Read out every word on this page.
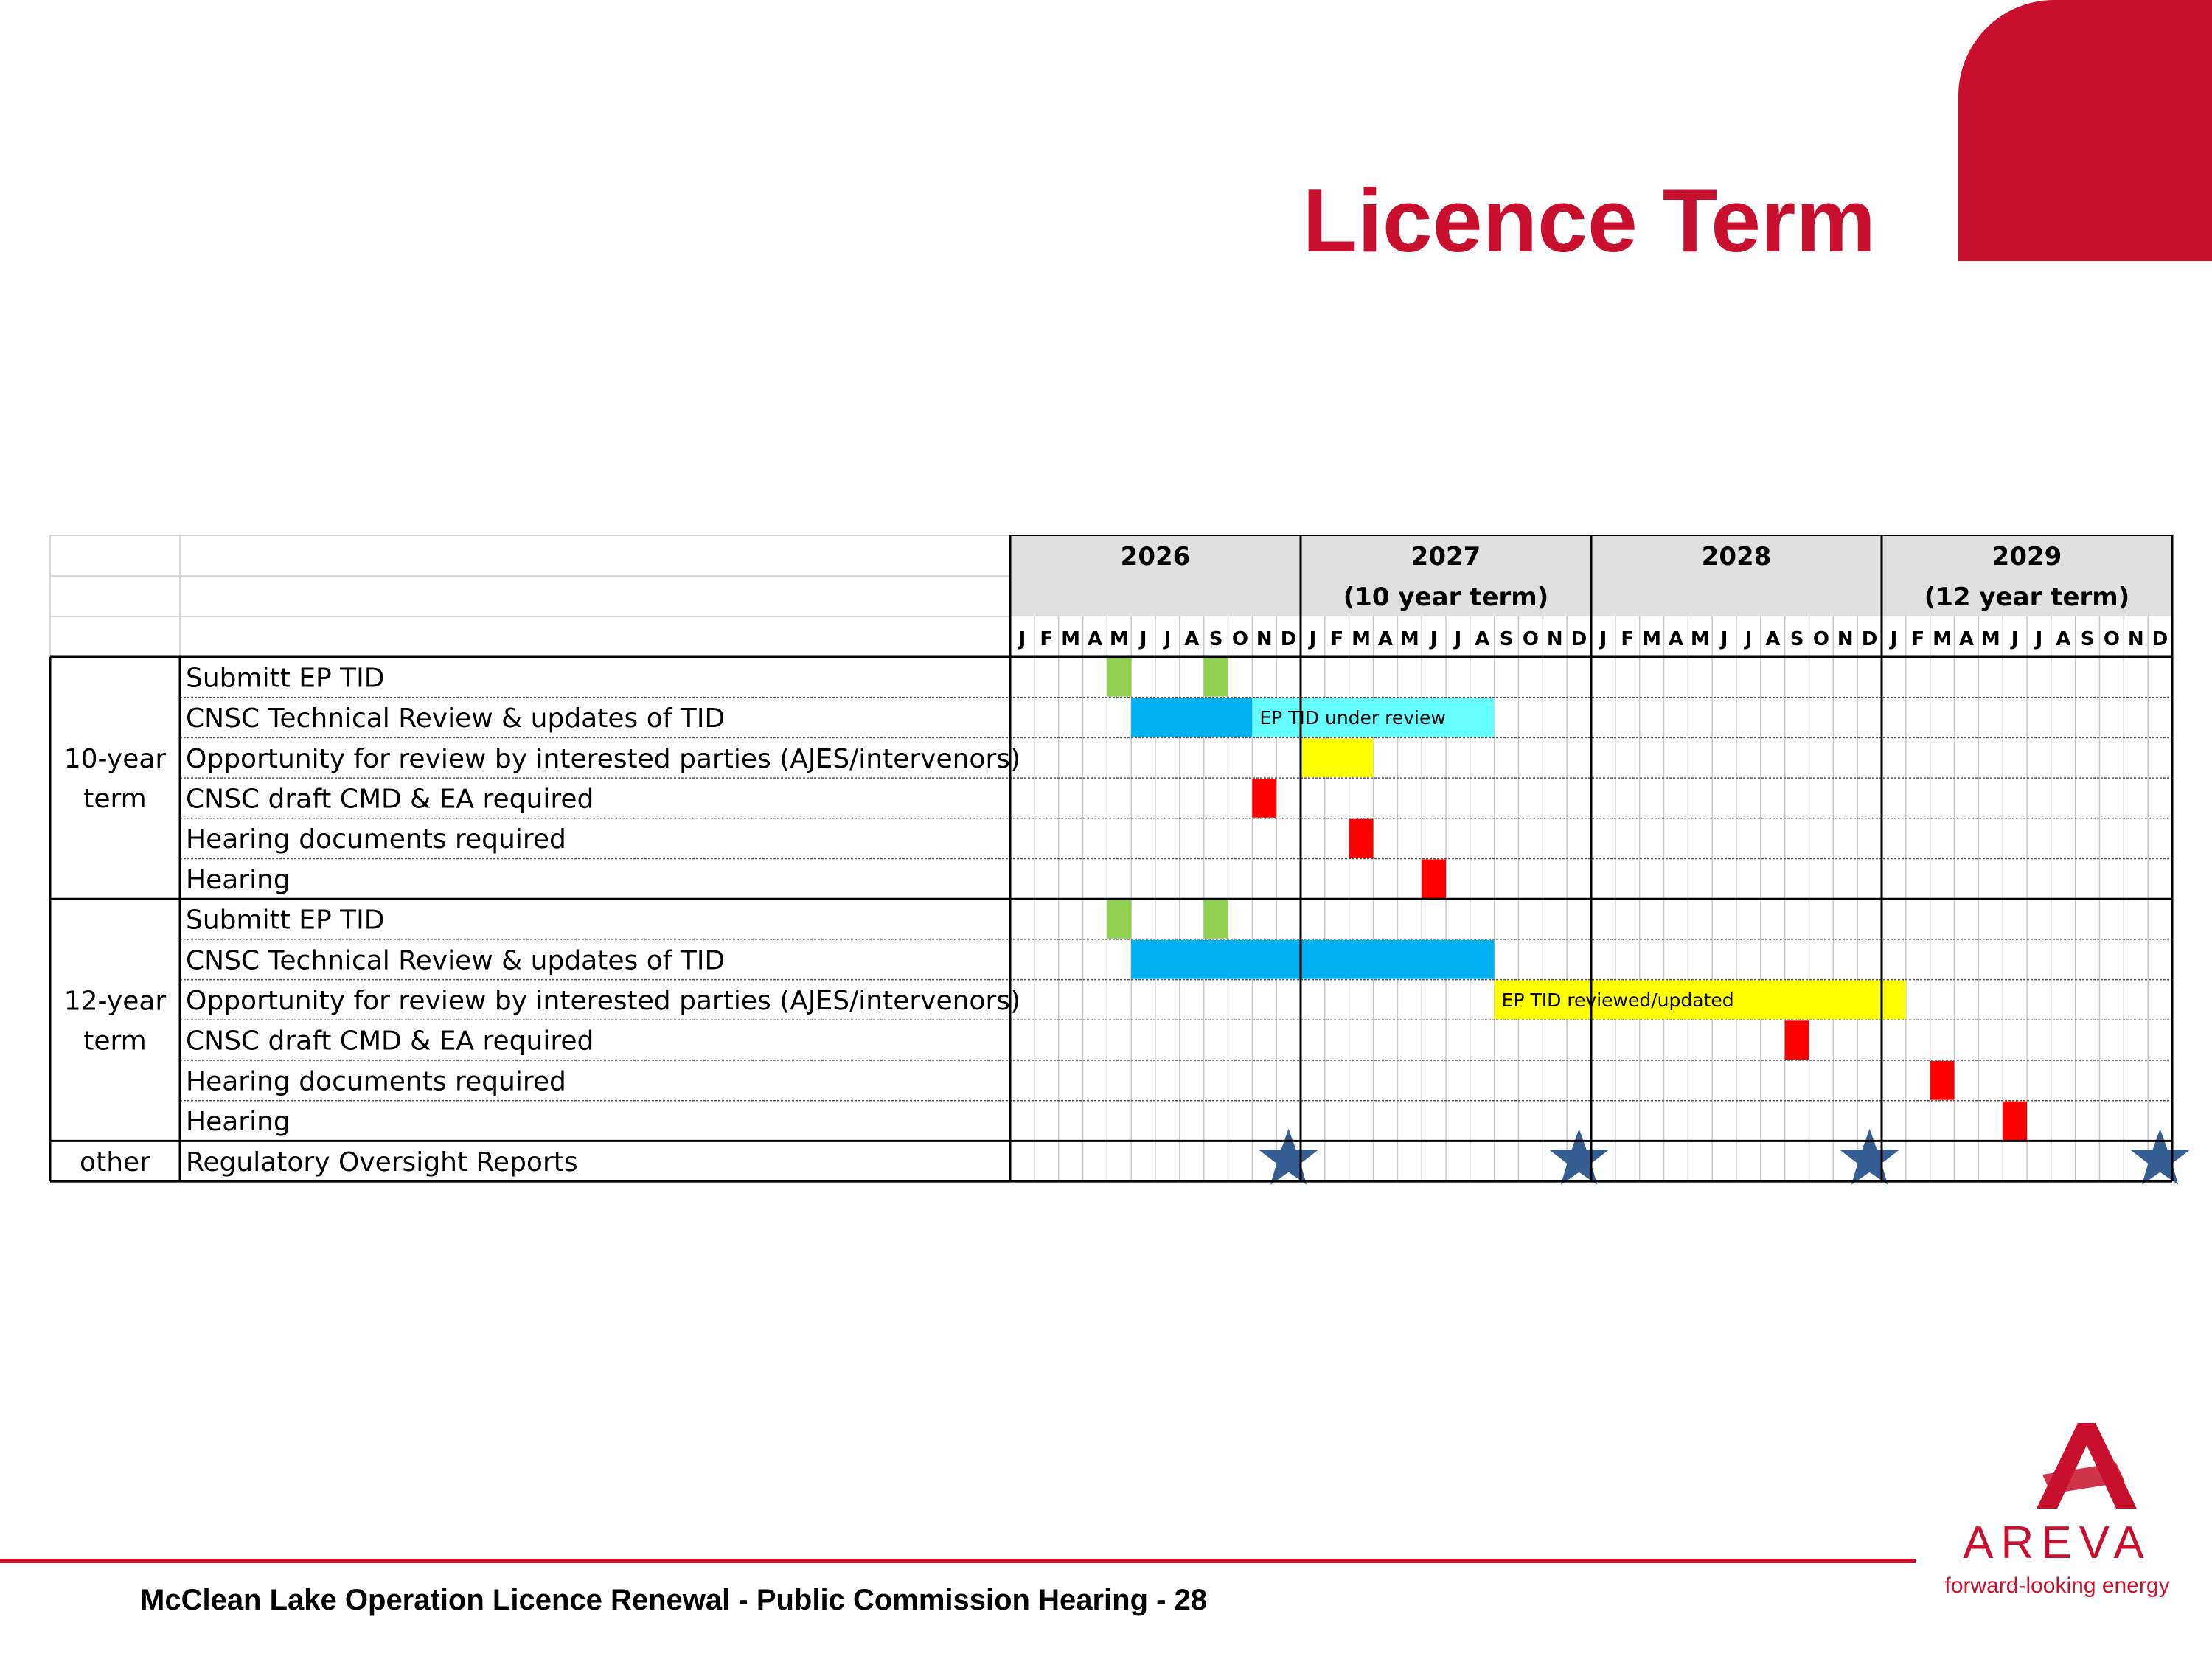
Licence Term
EP TID under review
EP TID reviewed/updated
2026	2027
(10 year term)
2028	2029
(12 year term)
J F M A M J J A S O N D J F M A M J J A S O N D J F M A M J J A S O N D J F M A M J J A S O N D
Submitt EP TID
CNSC Technical Review & updates of TID
Opportunity for review by interested parties (AJES/intervenors)
CNSC draft CMD & EA required
Hearing documents required
Hearing
Submitt EP TID
CNSC Technical Review & updates of TID
Opportunity for review by interested parties (AJES/intervenors)
CNSC draft CMD & EA required
Hearing documents required
Hearing
Regulatory Oversight Reports
10-year
term
12-year
term
other
McClean Lake Operation Licence Renewal - Public Commission Hearing - 28
AREVA
forward-looking energy
